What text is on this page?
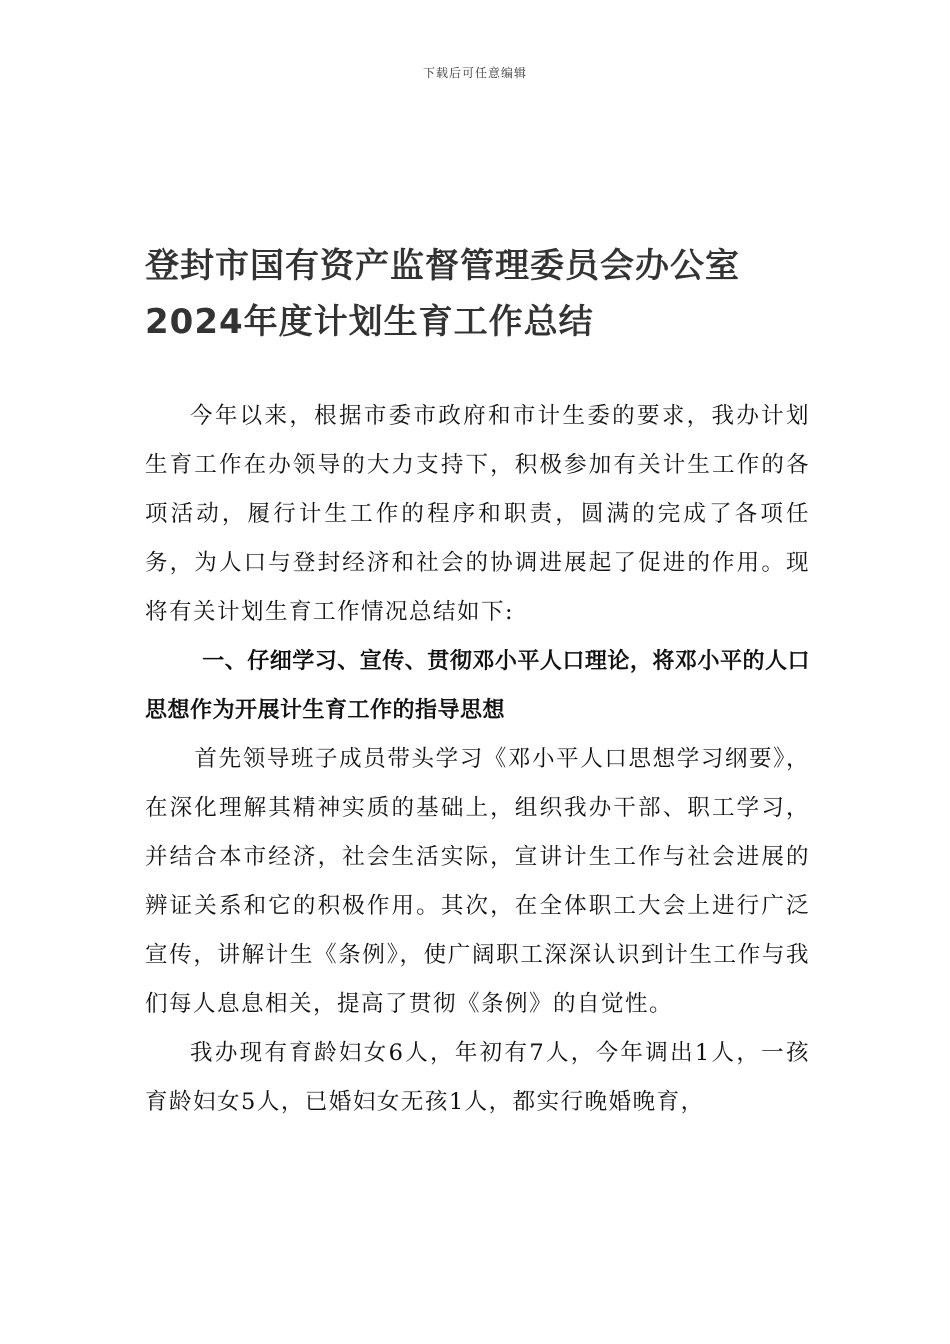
下载后可任意编辑
登封市国有资产监督管理委员会办公室
2024年度计划生育工作总结

今年以来，根据市委市政府和市计生委的要求，我办计划生育工作在办领导的大力支持下，积极参加有关计生工作的各项活动，履行计生工作的程序和职责，圆满的完成了各项任务，为人口与登封经济和社会的协调进展起了促进的作用。现将有关计划生育工作情况总结如下:

一、仔细学习、宣传、贯彻邓小平人口理论，将邓小平的人口思想作为开展计生育工作的指导思想

首先领导班子成员带头学习《邓小平人口思想学习纲要》，在深化理解其精神实质的基础上，组织我办干部、职工学习，并结合本市经济，社会生活实际，宣讲计生工作与社会进展的辨证关系和它的积极作用。其次，在全体职工大会上进行广泛宣传，讲解计生《条例》，使广阔职工深深认识到计生工作与我们每人息息相关，提高了贯彻《条例》的自觉性。

我办现有育龄妇女6人，年初有7人，今年调出1人，一孩育龄妇女5人，已婚妇女无孩1人，都实行晚婚晚育，
